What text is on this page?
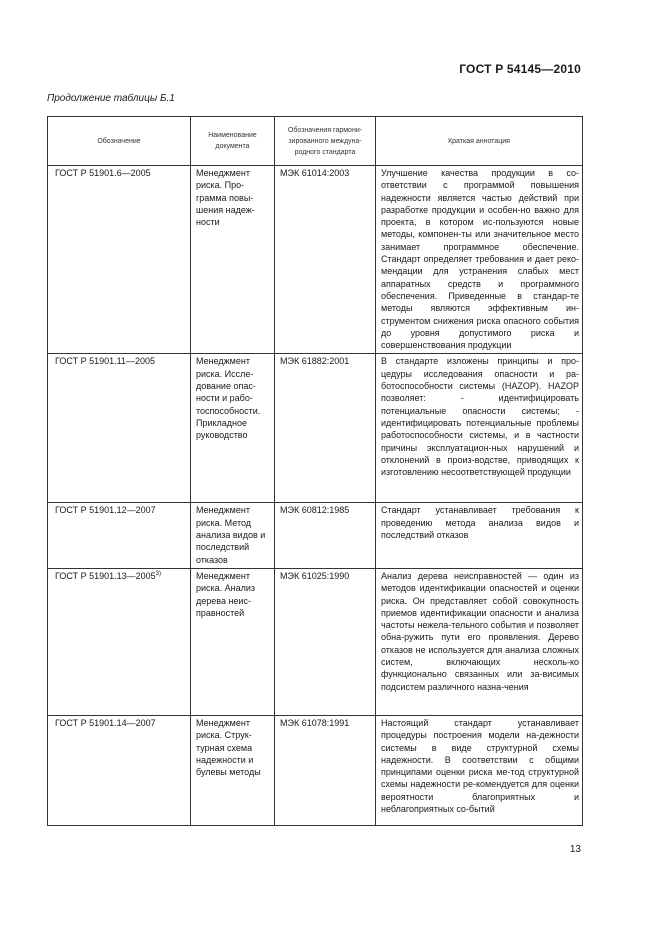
ГОСТ Р 54145—2010
Продолжение таблицы Б.1
Обозначение	Наименование документа	Обозначения гармони-зированного междуна-родного стандарта	Краткая аннотация
ГОСТ Р 51901.6—2005	Менеджмент риска. Про-грамма повы-шения надеж-ности	МЭК 61014:2003	Улучшение качества продукции в со-ответствии с программой повышения надежности является частью действий при разработке продукции и особен-но важно для проекта, в котором ис-пользуются новые методы, компонен-ты или значительное место занимает программное обеспечение. Стандарт определяет требования и дает реко-мендации для устранения слабых мест аппаратных средств и программного обеспечения. Приведенные в стандар-те методы являются эффективным ин-струментом снижения риска опасного события до уровня допустимого риска и совершенствования продукции
ГОСТ Р 51901.11—2005	Менеджмент риска. Иссле-дование опас-ности и рабо-тоспособности. Прикладное руководство	МЭК 61882:2001	В стандарте изложены принципы и про-цедуры исследования опасности и ра-ботоспособности системы (HAZOP). HAZOP позволяет: - идентифицировать потенциальные опасности системы; - идентифицировать потенциальные проблемы работоспособности системы, и в частности причины эксплуатацион-ных нарушений и отклонений в произ-водстве, приводящих к изготовлению несоответствующей продукции
ГОСТ Р 51901.12—2007	Менеджмент риска. Метод анализа видов и последствий отказов	МЭК 60812:1985	Стандарт устанавливает требования к проведению метода анализа видов и последствий отказов
ГОСТ Р 51901.13—2005$^{3)}$	Менеджмент риска. Анализ дерева неис-правностей	МЭК 61025:1990	Анализ дерева неисправностей — один из методов идентификации опасностей и оценки риска. Он представляет собой совокупность приемов идентификации опасности и анализа частоты нежела-тельного события и позволяет обна-ружить пути его проявления. Дерево отказов не используется для анализа сложных систем, включающих несколь-ко функционально связанных или за-висимых подсистем различного назна-чения
ГОСТ Р 51901.14—2007	Менеджмент риска. Струк-турная схема надежности и булевы методы	МЭК 61078:1991	Настоящий стандарт устанавливает процедуры построения модели на-дежности системы в виде структурной схемы надежности. В соответствии с общими принципами оценки риска ме-тод структурной схемы надежности ре-комендуется для оценки вероятности благоприятных и неблагоприятных со-бытий
13
